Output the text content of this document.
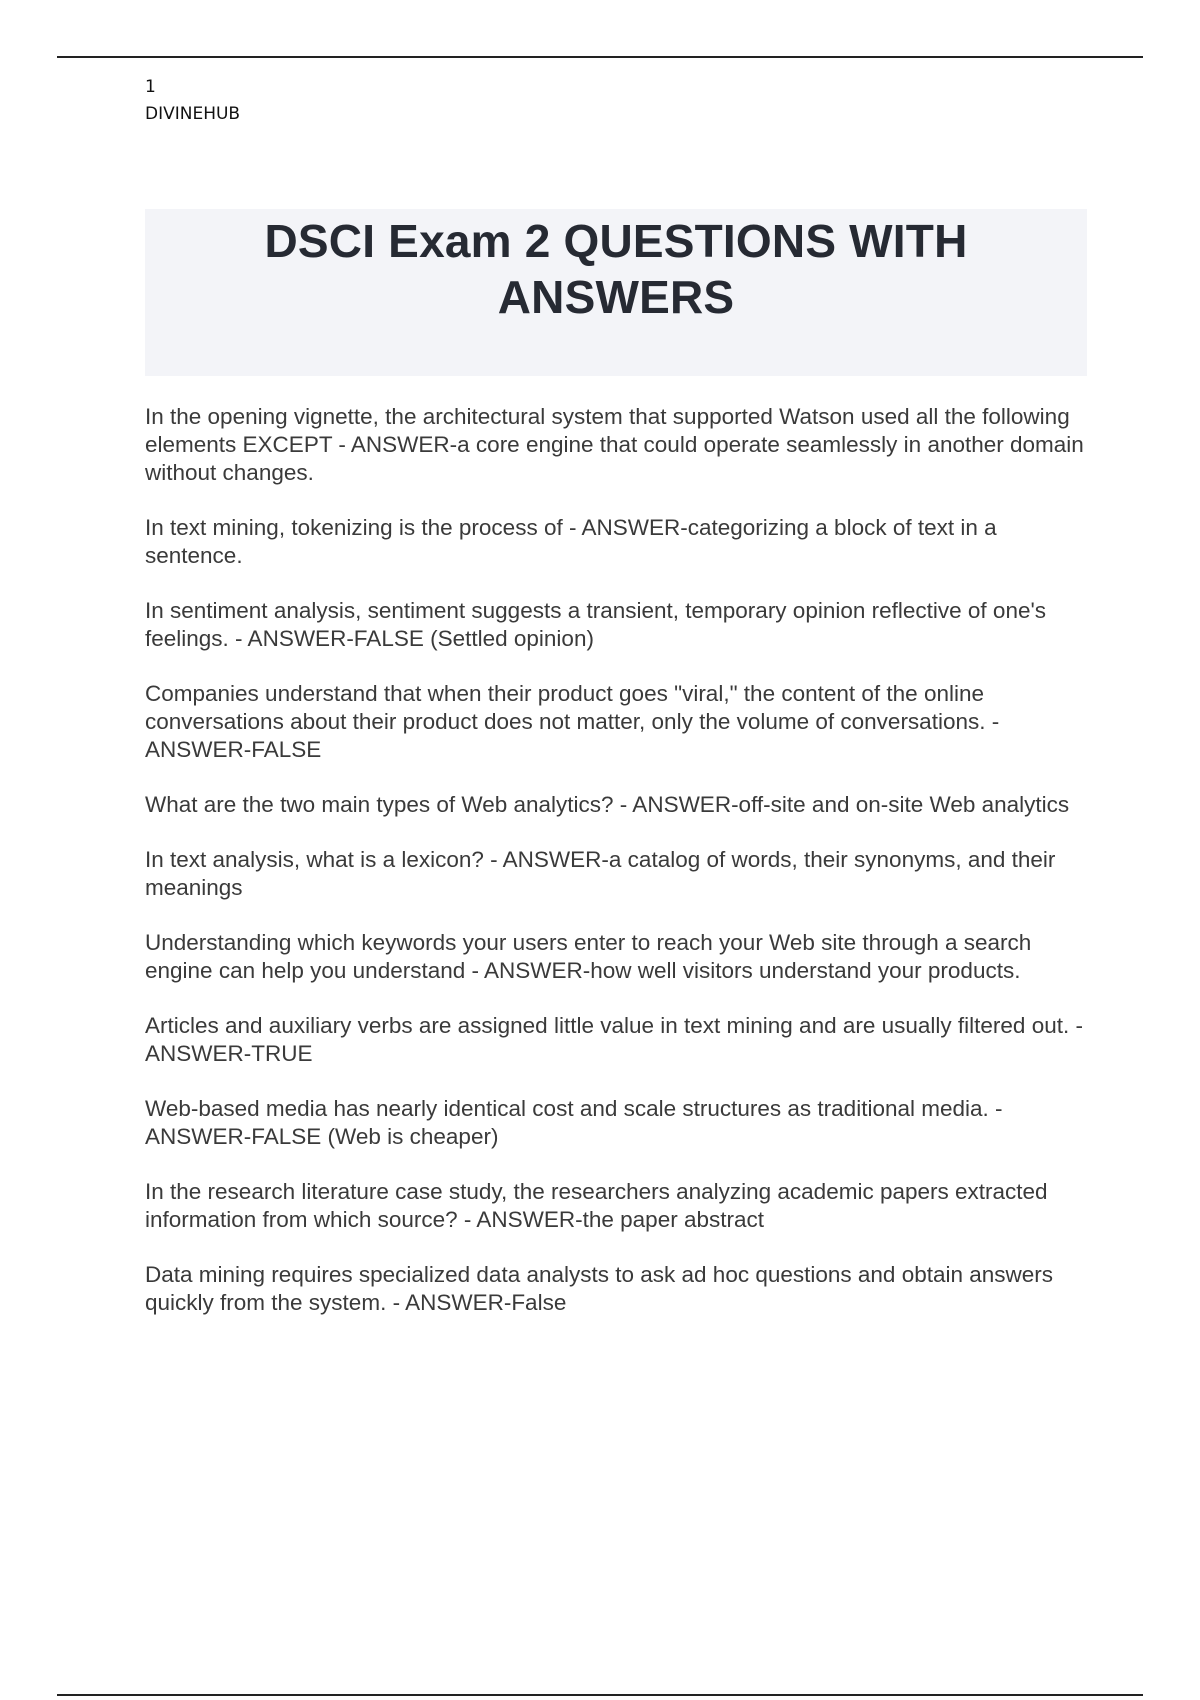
1
DIVINEHUB
DSCI Exam 2 QUESTIONS WITH ANSWERS

In the opening vignette, the architectural system that supported Watson used all the following elements EXCEPT - ANSWER-a core engine that could operate seamlessly in another domain without changes.

In text mining, tokenizing is the process of - ANSWER-categorizing a block of text in a sentence.

In sentiment analysis, sentiment suggests a transient, temporary opinion reflective of one's feelings. - ANSWER-FALSE (Settled opinion)

Companies understand that when their product goes "viral," the content of the online conversations about their product does not matter, only the volume of conversations. - ANSWER-FALSE

What are the two main types of Web analytics? - ANSWER-off-site and on-site Web analytics

In text analysis, what is a lexicon? - ANSWER-a catalog of words, their synonyms, and their meanings

Understanding which keywords your users enter to reach your Web site through a search engine can help you understand - ANSWER-how well visitors understand your products.

Articles and auxiliary verbs are assigned little value in text mining and are usually filtered out. - ANSWER-TRUE

Web-based media has nearly identical cost and scale structures as traditional media. - ANSWER-FALSE (Web is cheaper)

In the research literature case study, the researchers analyzing academic papers extracted information from which source? - ANSWER-the paper abstract

Data mining requires specialized data analysts to ask ad hoc questions and obtain answers quickly from the system. - ANSWER-False
